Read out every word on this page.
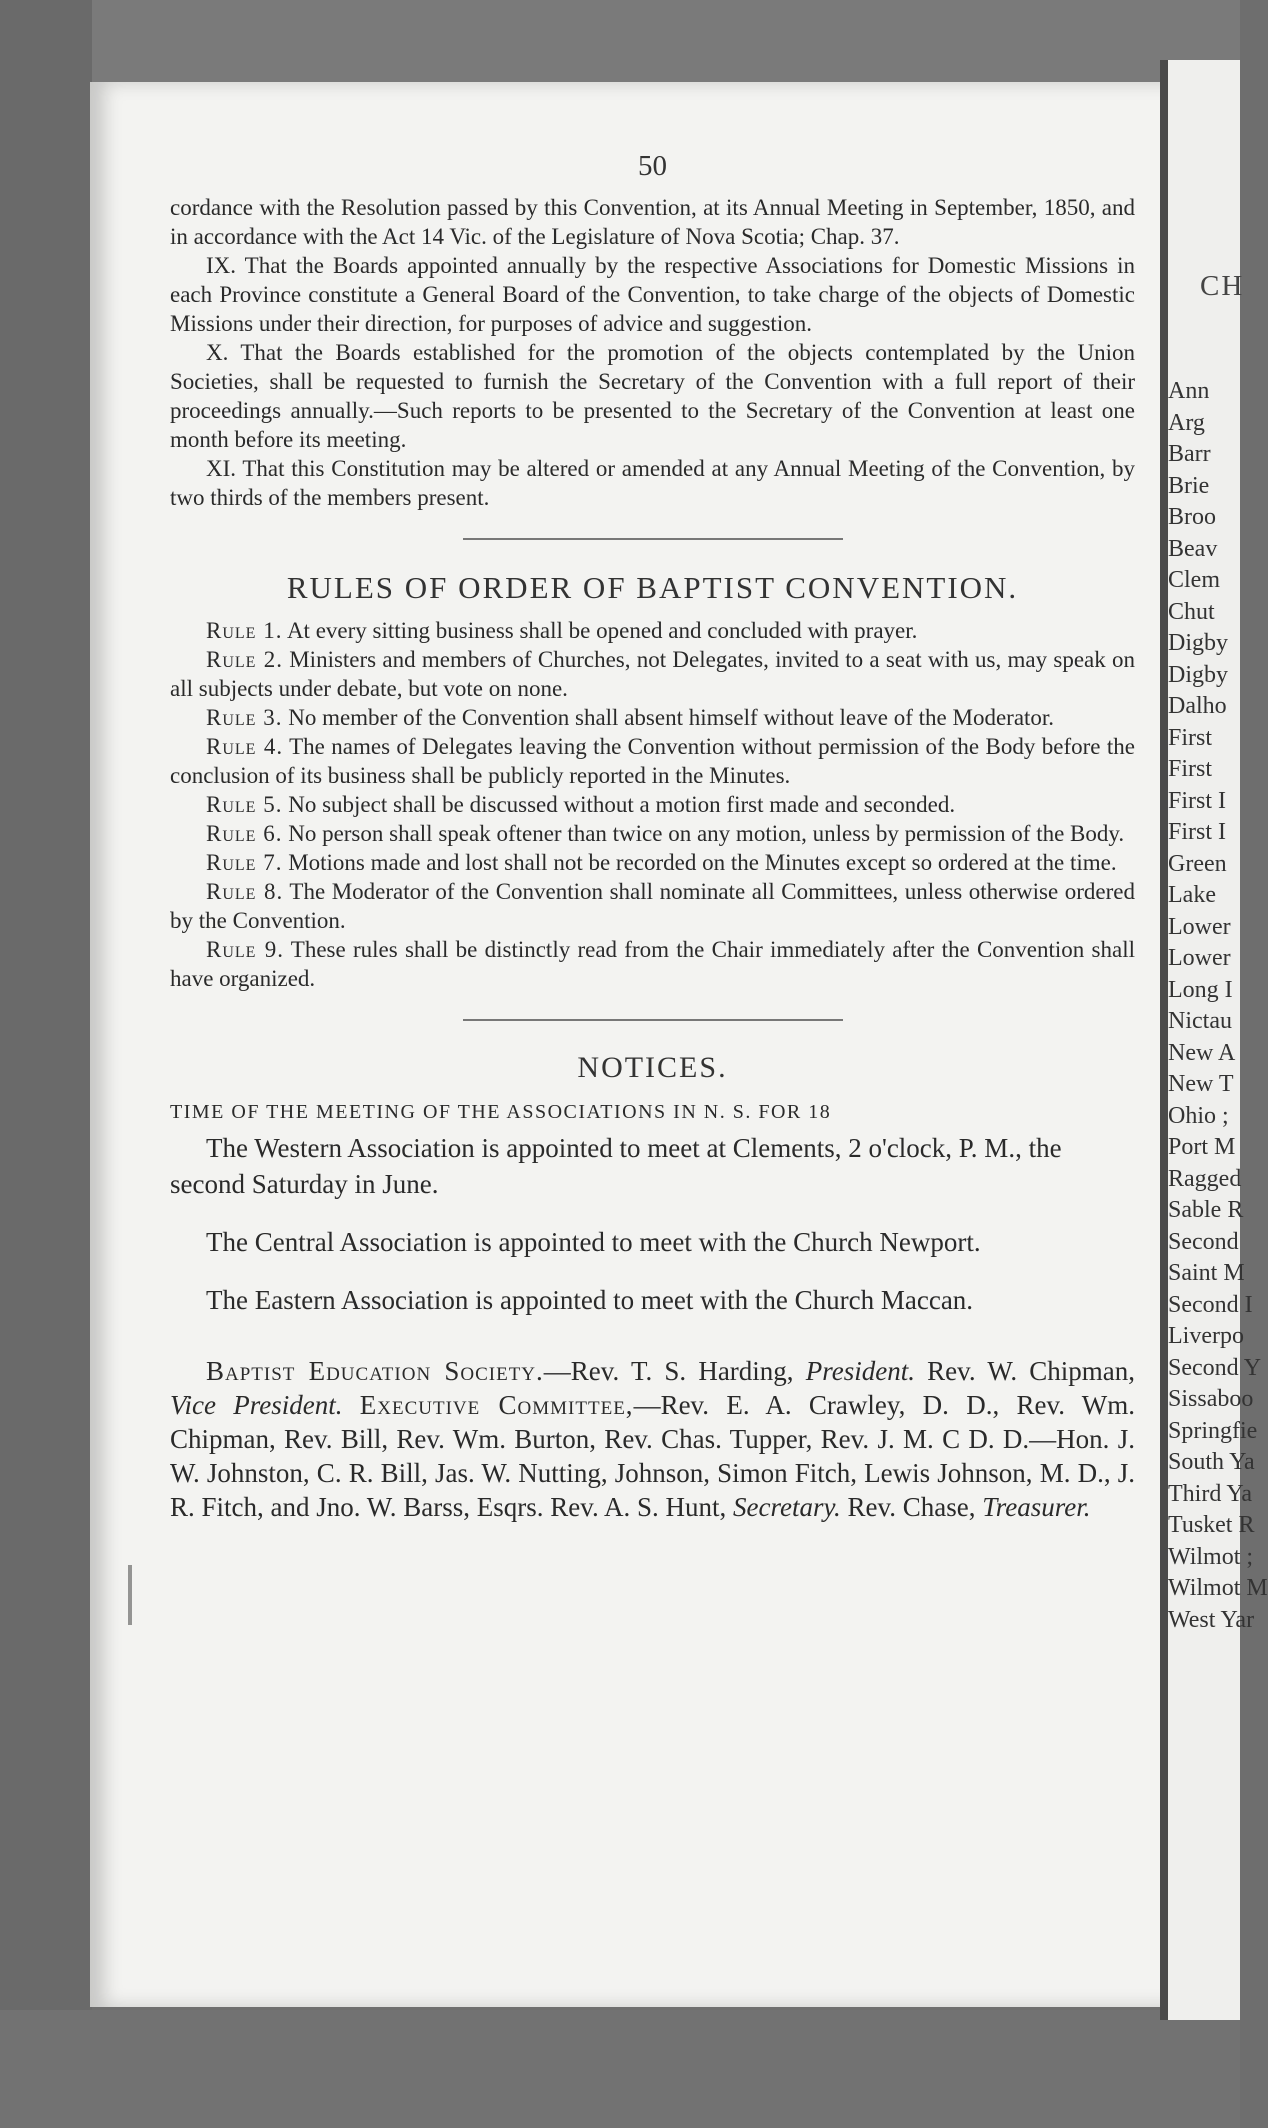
CH
Ann
Arg
Barr
Brie
Broo
Beav
Clem
Chut
Digby
Digby
Dalho
First
First
First I
First I
Green
Lake
Lower
Lower
Long I
Nictau
New A
New T
Ohio ;
Port M
Ragged
Sable R
Second
Saint M
Second I
Liverpo
Second Y
Sissaboo
Springfie
South Ya
Third Ya
Tusket R
Wilmot ;
Wilmot M
West Yar
50

cordance with the Resolution passed by this Convention, at its Annual Meeting in September, 1850, and in accordance with the Act 14 Vic. of the Legislature of Nova Scotia; Chap. 37.

IX. That the Boards appointed annually by the respective Associations for Domestic Missions in each Province constitute a General Board of the Convention, to take charge of the objects of Domestic Missions under their direction, for purposes of advice and suggestion.

X. That the Boards established for the promotion of the objects contemplated by the Union Societies, shall be requested to furnish the Secretary of the Convention with a full report of their proceedings annually.—Such reports to be presented to the Secretary of the Convention at least one month before its meeting.

XI. That this Constitution may be altered or amended at any Annual Meeting of the Convention, by two thirds of the members present.

RULES OF ORDER OF BAPTIST CONVENTION.

Rule 1. At every sitting business shall be opened and concluded with prayer.

Rule 2. Ministers and members of Churches, not Delegates, invited to a seat with us, may speak on all subjects under debate, but vote on none.

Rule 3. No member of the Convention shall absent himself without leave of the Moderator.

Rule 4. The names of Delegates leaving the Convention without permission of the Body before the conclusion of its business shall be publicly reported in the Minutes.

Rule 5. No subject shall be discussed without a motion first made and seconded.

Rule 6. No person shall speak oftener than twice on any motion, unless by permission of the Body.

Rule 7. Motions made and lost shall not be recorded on the Minutes except so ordered at the time.

Rule 8. The Moderator of the Convention shall nominate all Committees, unless otherwise ordered by the Convention.

Rule 9. These rules shall be distinctly read from the Chair immediately after the Convention shall have organized.

NOTICES.
TIME OF THE MEETING OF THE ASSOCIATIONS IN N. S. FOR 18

The Western Association is appointed to meet at Clements, 2 o'clock, P. M., the second Saturday in June.

The Central Association is appointed to meet with the Church Newport.

The Eastern Association is appointed to meet with the Church Maccan.

Baptist Education Society.—Rev. T. S. Harding, President. Rev. W. Chipman, Vice President. Executive Committee,—Rev. E. A. Crawley, D. D., Rev. Wm. Chipman, Rev. Bill, Rev. Wm. Burton, Rev. Chas. Tupper, Rev. J. M. C D. D.—Hon. J. W. Johnston, C. R. Bill, Jas. W. Nutting, Johnson, Simon Fitch, Lewis Johnson, M. D., J. R. Fitch, and Jno. W. Barss, Esqrs. Rev. A. S. Hunt, Secretary. Rev. Chase, Treasurer.
